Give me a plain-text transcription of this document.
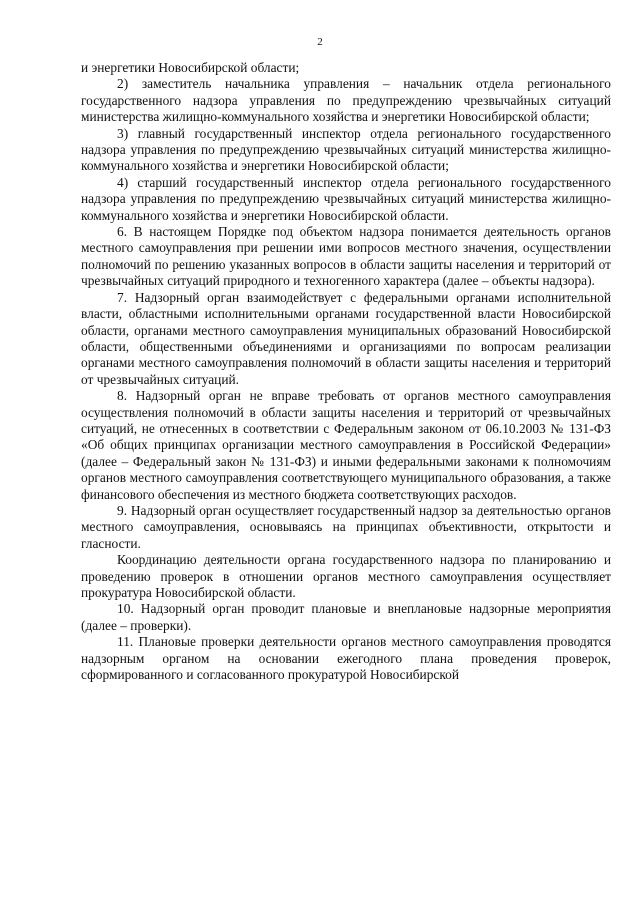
2

и энергетики Новосибирской области;

2) заместитель начальника управления – начальник отдела регионального государственного надзора управления по предупреждению чрезвычайных ситуаций министерства жилищно-коммунального хозяйства и энергетики Новосибирской области;

3) главный государственный инспектор отдела регионального государственного надзора управления по предупреждению чрезвычайных ситуаций министерства жилищно-коммунального хозяйства и энергетики Новосибирской области;

4) старший государственный инспектор отдела регионального государственного надзора управления по предупреждению чрезвычайных ситуаций министерства жилищно-коммунального хозяйства и энергетики Новосибирской области.

6. В настоящем Порядке под объектом надзора понимается деятельность органов местного самоуправления при решении ими вопросов местного значения, осуществлении полномочий по решению указанных вопросов в области защиты населения и территорий от чрезвычайных ситуаций природного и техногенного характера (далее – объекты надзора).

7. Надзорный орган взаимодействует с федеральными органами исполнительной власти, областными исполнительными органами государственной власти Новосибирской области, органами местного самоуправления муниципальных образований Новосибирской области, общественными объединениями и организациями по вопросам реализации органами местного самоуправления полномочий в области защиты населения и территорий от чрезвычайных ситуаций.

8. Надзорный орган не вправе требовать от органов местного самоуправления осуществления полномочий в области защиты населения и территорий от чрезвычайных ситуаций, не отнесенных в соответствии с Федеральным законом от 06.10.2003 № 131-ФЗ «Об общих принципах организации местного самоуправления в Российской Федерации» (далее – Федеральный закон № 131-ФЗ) и иными федеральными законами к полномочиям органов местного самоуправления соответствующего муниципального образования, а также финансового обеспечения из местного бюджета соответствующих расходов.

9. Надзорный орган осуществляет государственный надзор за деятельностью органов местного самоуправления, основываясь на принципах объективности, открытости и гласности.

Координацию деятельности органа государственного надзора по планированию и проведению проверок в отношении органов местного самоуправления осуществляет прокуратура Новосибирской области.

10. Надзорный орган проводит плановые и внеплановые надзорные мероприятия (далее – проверки).

11. Плановые проверки деятельности органов местного самоуправления проводятся надзорным органом на основании ежегодного плана проведения проверок, сформированного и согласованного прокуратурой Новосибирской
